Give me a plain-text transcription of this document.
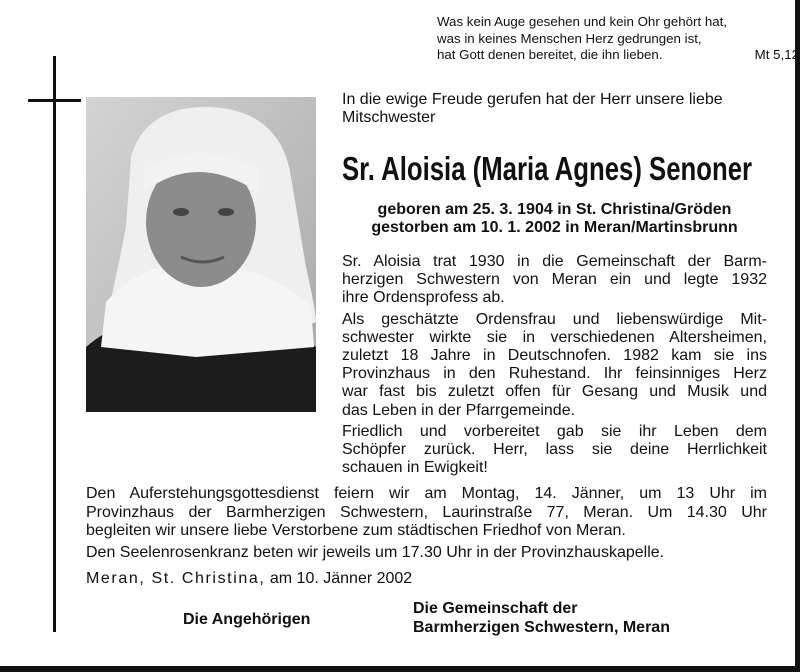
Was kein Auge gesehen und kein Ohr gehört hat,
was in keines Menschen Herz gedrungen ist,
hat Gott denen bereitet, die ihn lieben.	Mt 5,12
In die ewige Freude gerufen hat der Herr unsere liebe
Mitschwester
Sr. Aloisia (Maria Agnes) Senoner
geboren am 25. 3. 1904 in St. Christina/Gröden
gestorben am 10. 1. 2002 in Meran/Martinsbrunn
Sr. Aloisia trat 1930 in die Gemeinschaft der Barm-
herzigen Schwestern von Meran ein und legte 1932
ihre Ordensprofess ab.
Als geschätzte Ordensfrau und liebenswürdige Mit-
schwester wirkte sie in verschiedenen Altersheimen,
zuletzt 18 Jahre in Deutschnofen. 1982 kam sie ins
Provinzhaus in den Ruhestand. Ihr feinsinniges Herz
war fast bis zuletzt offen für Gesang und Musik und
das Leben in der Pfarrgemeinde.
Friedlich und vorbereitet gab sie ihr Leben dem
Schöpfer zurück. Herr, lass sie deine Herrlichkeit
schauen in Ewigkeit!
Den Auferstehungsgottesdienst feiern wir am Montag, 14. Jänner, um 13 Uhr im
Provinzhaus der Barmherzigen Schwestern, Laurinstraße 77, Meran. Um 14.30 Uhr
begleiten wir unsere liebe Verstorbene zum städtischen Friedhof von Meran.
Den Seelenrosenkranz beten wir jeweils um 17.30 Uhr in der Provinzhauskapelle.
Meran, St. Christina, am 10. Jänner 2002
Die Angehörigen
Die Gemeinschaft der
Barmherzigen Schwestern, Meran
